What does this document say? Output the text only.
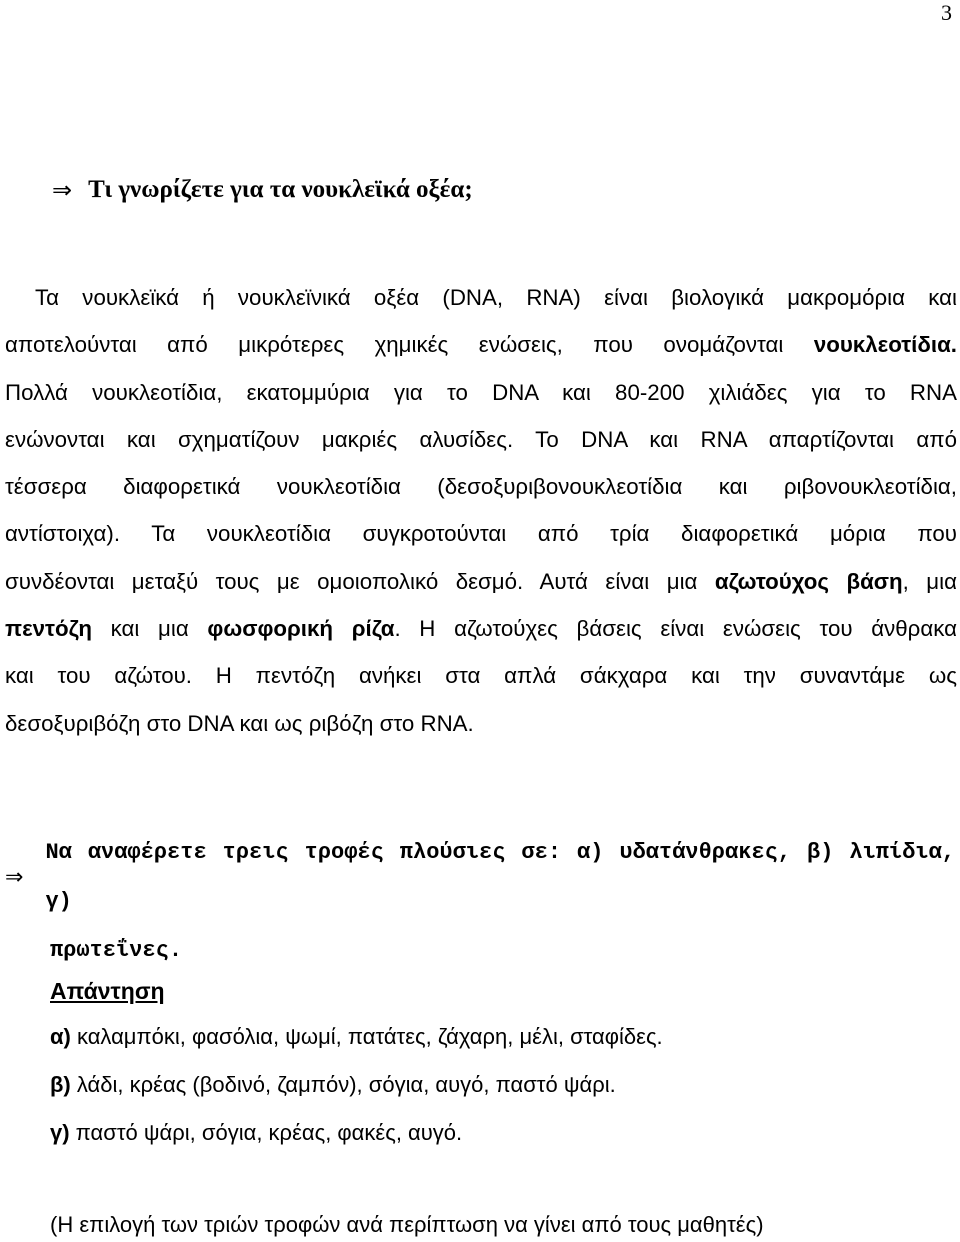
3
⇒ Τι γνωρίζετε για τα νουκλεϊκά οξέα;
Τα νουκλεϊκά ή νουκλεϊνικά οξέα (DNA, RNA) είναι βιολογικά μακρομόρια και
αποτελούνται από μικρότερες χημικές ενώσεις, που ονομάζονται νουκλεοτίδια.
Πολλά νουκλεοτίδια, εκατομμύρια για το DNA και 80-200 χιλιάδες για το RNA
ενώνονται και σχηματίζουν μακριές αλυσίδες. Το DNA και RNA απαρτίζονται από
τέσσερα διαφορετικά νουκλεοτίδια (δεσοξυριβονουκλεοτίδια και ριβονουκλεοτίδια,
αντίστοιχα). Τα νουκλεοτίδια συγκροτούνται από τρία διαφορετικά μόρια που
συνδέονται μεταξύ τους με ομοιοπολικό δεσμό. Αυτά είναι μια αζωτούχος βάση, μια
πεντόζη και μια φωσφορική ρίζα. Η αζωτούχες βάσεις είναι ενώσεις του άνθρακα
και του αζώτου. Η πεντόζη ανήκει στα απλά σάκχαρα και την συναντάμε ως
δεσοξυριβόζη στο DNA και ως ριβόζη στο RNA.
⇒
Να αναφέρετε τρεις τροφές πλούσιες σε: α) υδατάνθρακες, β) λιπίδια, γ)
πρωτεΐνες.
Απάντηση
α) καλαμπόκι, φασόλια, ψωμί, πατάτες, ζάχαρη, μέλι, σταφίδες.
β) λάδι, κρέας (βοδινό, ζαμπόν), σόγια, αυγό, παστό ψάρι.
γ) παστό ψάρι, σόγια, κρέας, φακές, αυγό.
(Η επιλογή των τριών τροφών ανά περίπτωση να γίνει από τους μαθητές)
